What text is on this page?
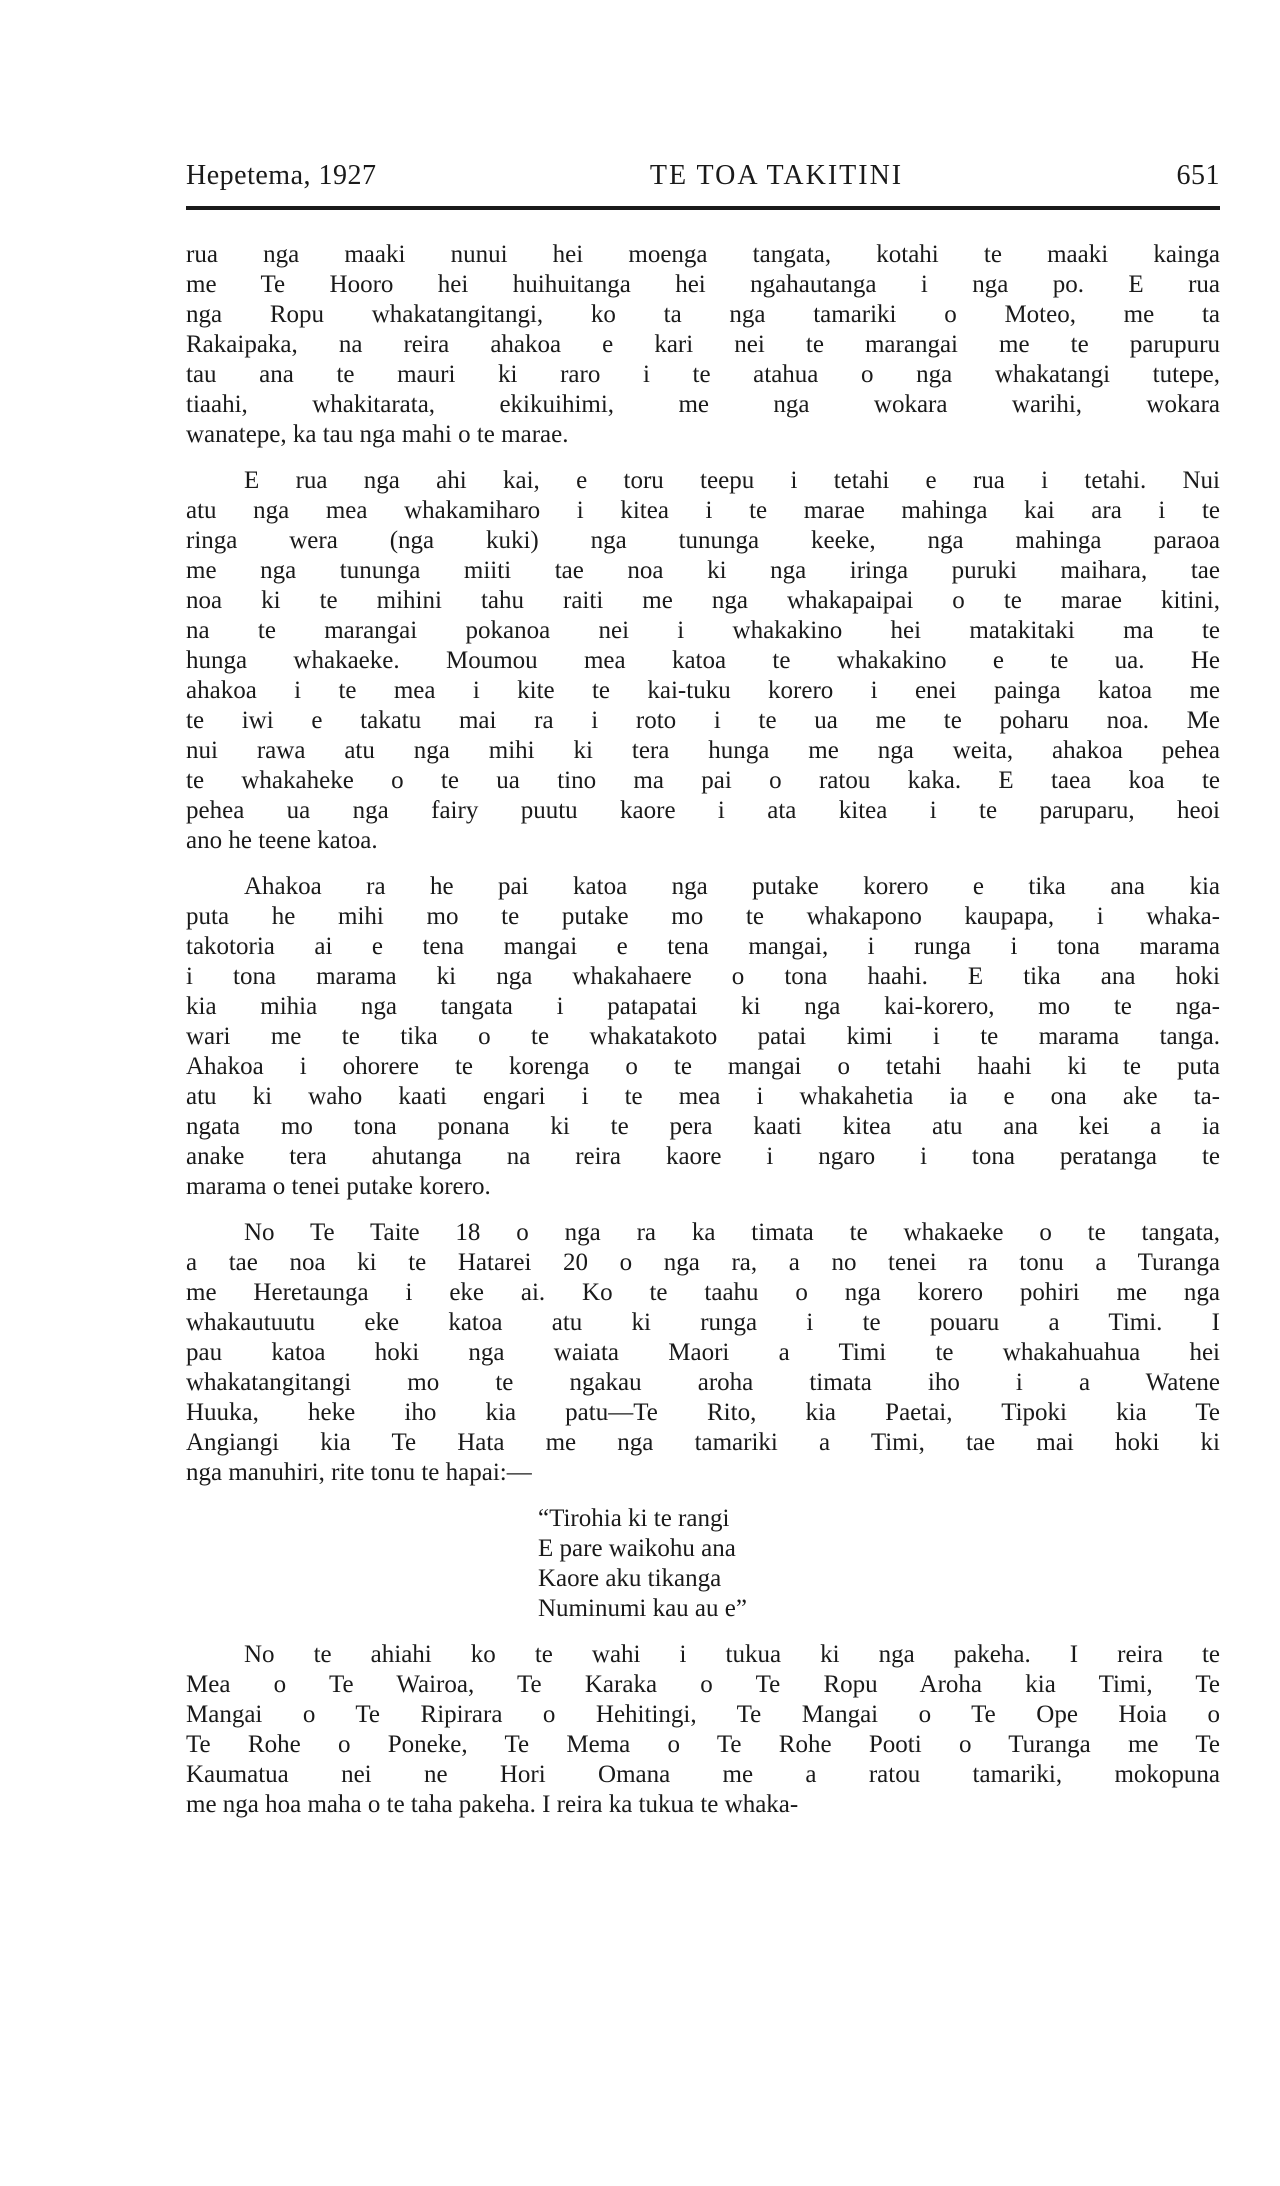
Hepetema, 1927	TE TOA TAKITINI	651
rua nga maaki nunui hei moenga tangata, kotahi te maaki kainga
me Te Hooro hei huihuitanga hei ngahautanga i nga po. E rua
nga Ropu whakatangitangi, ko ta nga tamariki o Moteo, me ta
Rakaipaka, na reira ahakoa e kari nei te marangai me te parupuru
tau ana te mauri ki raro i te atahua o nga whakatangi tutepe,
tiaahi, whakitarata, ekikuihimi, me nga wokara warihi, wokara
wanatepe, ka tau nga mahi o te marae.
E rua nga ahi kai, e toru teepu i tetahi e rua i tetahi. Nui
atu nga mea whakamiharo i kitea i te marae mahinga kai ara i te
ringa wera (nga kuki) nga tununga keeke, nga mahinga paraoa
me nga tununga miiti tae noa ki nga iringa puruki maihara, tae
noa ki te mihini tahu raiti me nga whakapaipai o te marae kitini,
na te marangai pokanoa nei i whakakino hei matakitaki ma te
hunga whakaeke. Moumou mea katoa te whakakino e te ua. He
ahakoa i te mea i kite te kai-tuku korero i enei painga katoa me
te iwi e takatu mai ra i roto i te ua me te poharu noa. Me
nui rawa atu nga mihi ki tera hunga me nga weita, ahakoa pehea
te whakaheke o te ua tino ma pai o ratou kaka. E taea koa te
pehea ua nga fairy puutu kaore i ata kitea i te paruparu, heoi
ano he teene katoa.
Ahakoa ra he pai katoa nga putake korero e tika ana kia
puta he mihi mo te putake mo te whakapono kaupapa, i whaka-
takotoria ai e tena mangai e tena mangai, i runga i tona marama
i tona marama ki nga whakahaere o tona haahi. E tika ana hoki
kia mihia nga tangata i patapatai ki nga kai-korero, mo te nga-
wari me te tika o te whakatakoto patai kimi i te marama tanga.
Ahakoa i ohorere te korenga o te mangai o tetahi haahi ki te puta
atu ki waho kaati engari i te mea i whakahetia ia e ona ake ta-
ngata mo tona ponana ki te pera kaati kitea atu ana kei a ia
anake tera ahutanga na reira kaore i ngaro i tona peratanga te
marama o tenei putake korero.
No Te Taite 18 o nga ra ka timata te whakaeke o te tangata,
a tae noa ki te Hatarei 20 o nga ra, a no tenei ra tonu a Turanga
me Heretaunga i eke ai. Ko te taahu o nga korero pohiri me nga
whakautuutu eke katoa atu ki runga i te pouaru a Timi. I
pau katoa hoki nga waiata Maori a Timi te whakahuahua hei
whakatangitangi mo te ngakau aroha timata iho i a Watene
Huuka, heke iho kia patu—Te Rito, kia Paetai, Tipoki kia Te
Angiangi kia Te Hata me nga tamariki a Timi, tae mai hoki ki
nga manuhiri, rite tonu te hapai:—
“Tirohia ki te rangi
E pare waikohu ana
Kaore aku tikanga
Numinumi kau au e”
No te ahiahi ko te wahi i tukua ki nga pakeha. I reira te
Mea o Te Wairoa, Te Karaka o Te Ropu Aroha kia Timi, Te
Mangai o Te Ripirara o Hehitingi, Te Mangai o Te Ope Hoia o
Te Rohe o Poneke, Te Mema o Te Rohe Pooti o Turanga me Te
Kaumatua nei ne Hori Omana me a ratou tamariki, mokopuna
me nga hoa maha o te taha pakeha. I reira ka tukua te whaka-
